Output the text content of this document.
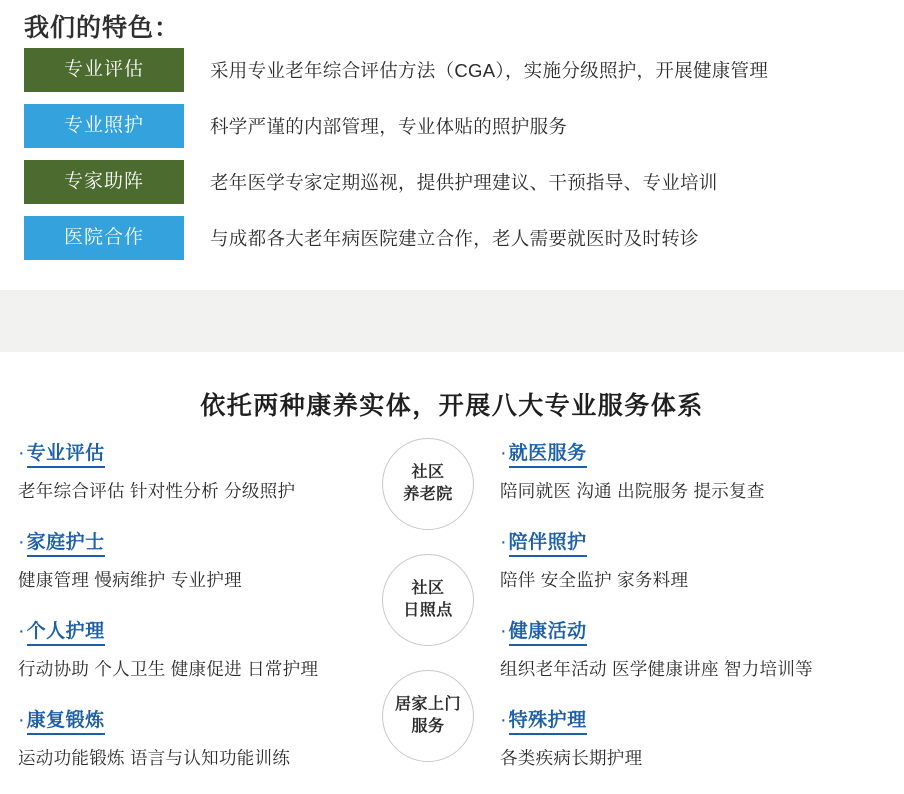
我们的特色：
专业评估	采用专业老年综合评估方法（CGA），实施分级照护，开展健康管理
专业照护	科学严谨的内部管理，专业体贴的照护服务
专家助阵	老年医学专家定期巡视，提供护理建议、干预指导、专业培训
医院合作	与成都各大老年病医院建立合作，老人需要就医时及时转诊
依托两种康养实体，开展八大专业服务体系
社区
养老院
社区
日照点
居家上门
服务
· 专业评估
老年综合评估 针对性分析 分级照护
· 家庭护士
健康管理 慢病维护 专业护理
· 个人护理
行动协助 个人卫生 健康促进 日常护理
· 康复锻炼
运动功能锻炼 语言与认知功能训练
· 就医服务
陪同就医 沟通 出院服务 提示复查
· 陪伴照护
陪伴 安全监护 家务料理
· 健康活动
组织老年活动 医学健康讲座 智力培训等
· 特殊护理
各类疾病长期护理
